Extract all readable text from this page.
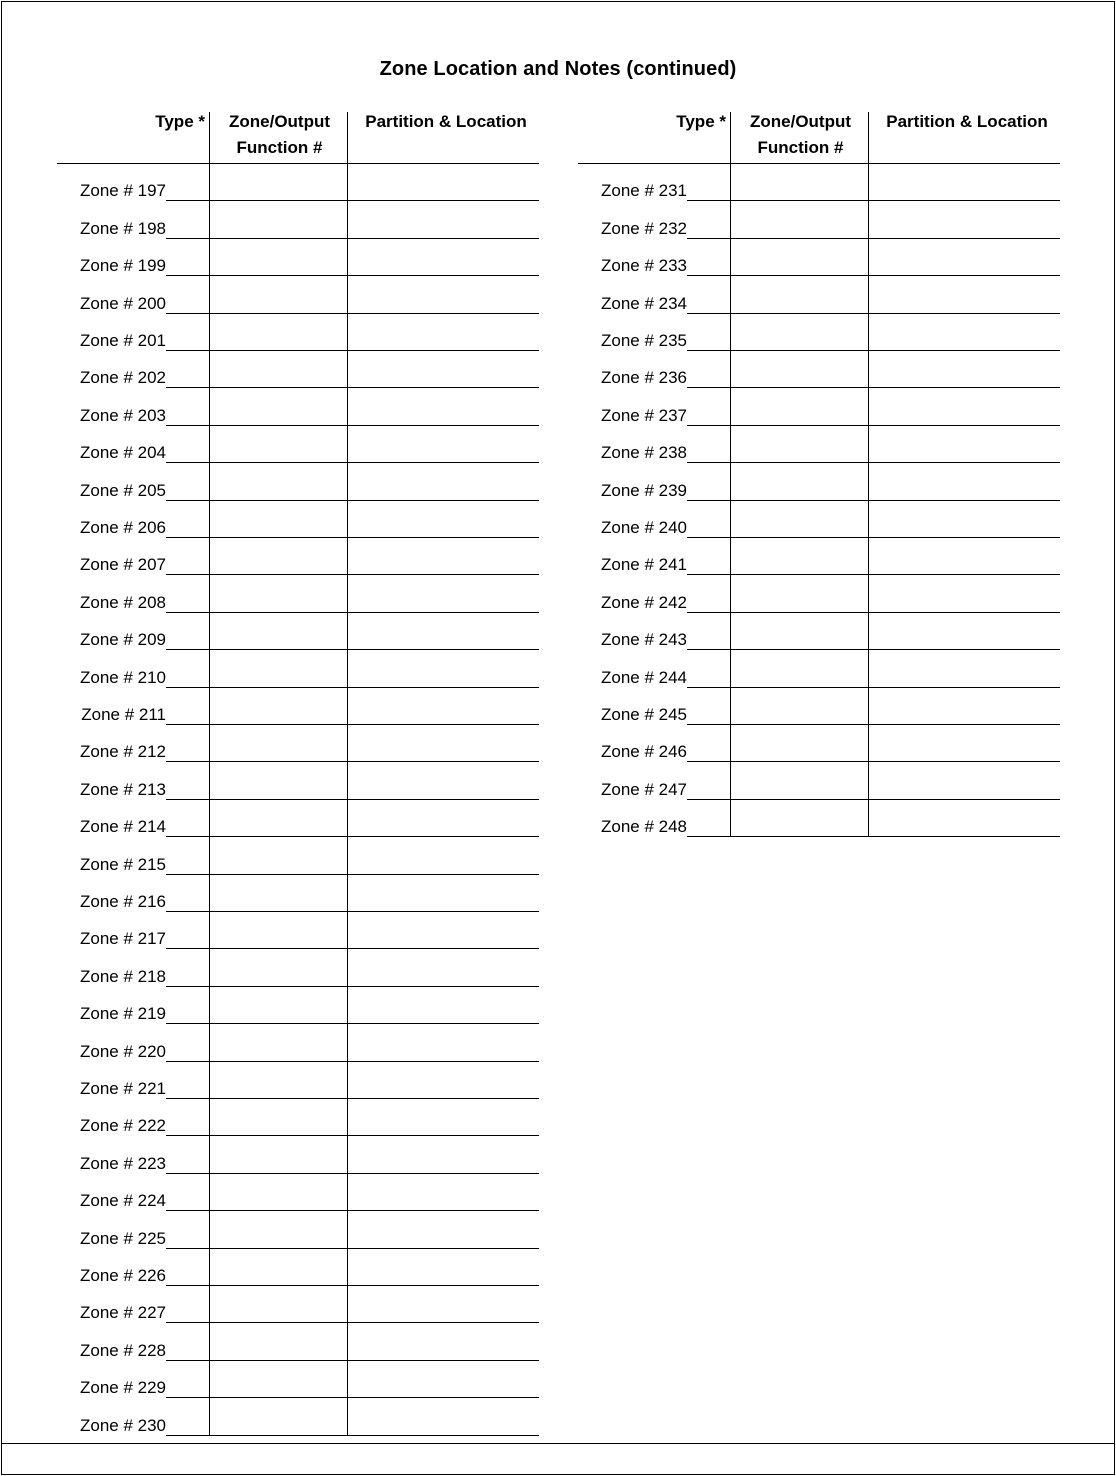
Zone Location and Notes (continued)
Type *	Zone/Output
Function #
Partition & Location
Zone # 197
Zone # 198
Zone # 199
Zone # 200
Zone # 201
Zone # 202
Zone # 203
Zone # 204
Zone # 205
Zone # 206
Zone # 207
Zone # 208
Zone # 209
Zone # 210
Zone # 211
Zone # 212
Zone # 213
Zone # 214
Zone # 215
Zone # 216
Zone # 217
Zone # 218
Zone # 219
Zone # 220
Zone # 221
Zone # 222
Zone # 223
Zone # 224
Zone # 225
Zone # 226
Zone # 227
Zone # 228
Zone # 229
Zone # 230
Type *	Zone/Output
Function #
Partition & Location
Zone # 231
Zone # 232
Zone # 233
Zone # 234
Zone # 235
Zone # 236
Zone # 237
Zone # 238
Zone # 239
Zone # 240
Zone # 241
Zone # 242
Zone # 243
Zone # 244
Zone # 245
Zone # 246
Zone # 247
Zone # 248
